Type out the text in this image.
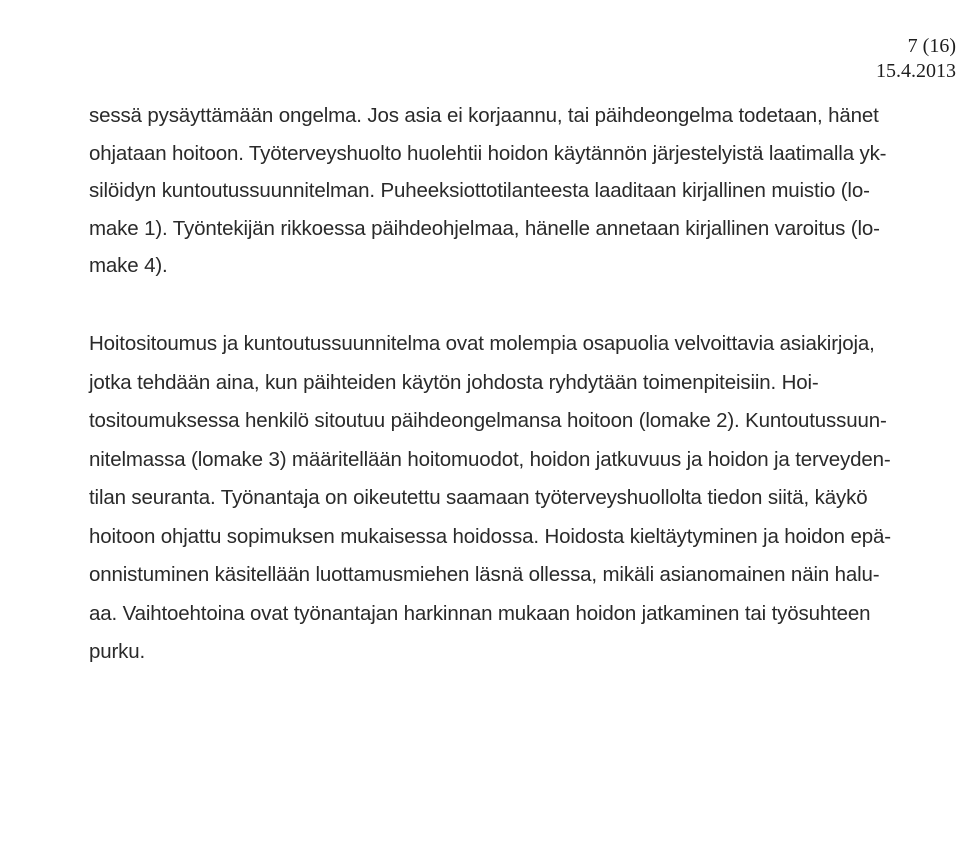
7 (16)
15.4.2013

sessä pysäyttämään ongelma. Jos asia ei korjaannu, tai päihdeongelma todetaan, hänet
ohjataan hoitoon. Työterveyshuolto huolehtii hoidon käytännön järjestelyistä laatimalla yk-
silöidyn kuntoutussuunnitelman. Puheeksiottotilanteesta laaditaan kirjallinen muistio (lo-
make 1). Työntekijän rikkoessa päihdeohjelmaa, hänelle annetaan kirjallinen varoitus (lo-
make 4).

Hoitositoumus ja kuntoutussuunnitelma ovat molempia osapuolia velvoittavia asiakirjoja,
jotka tehdään aina, kun päihteiden käytön johdosta ryhdytään toimenpiteisiin. Hoi-
tositoumuksessa henkilö sitoutuu päihdeongelmansa hoitoon (lomake 2). Kuntoutussuun-
nitelmassa (lomake 3) määritellään hoitomuodot, hoidon jatkuvuus ja hoidon ja terveyden-
tilan seuranta. Työnantaja on oikeutettu saamaan työterveyshuollolta tiedon siitä, käykö
hoitoon ohjattu sopimuksen mukaisessa hoidossa. Hoidosta kieltäytyminen ja hoidon epä-
onnistuminen käsitellään luottamusmiehen läsnä ollessa, mikäli asianomainen näin halu-
aa. Vaihtoehtoina ovat työnantajan harkinnan mukaan hoidon jatkaminen tai työsuhteen
purku.
